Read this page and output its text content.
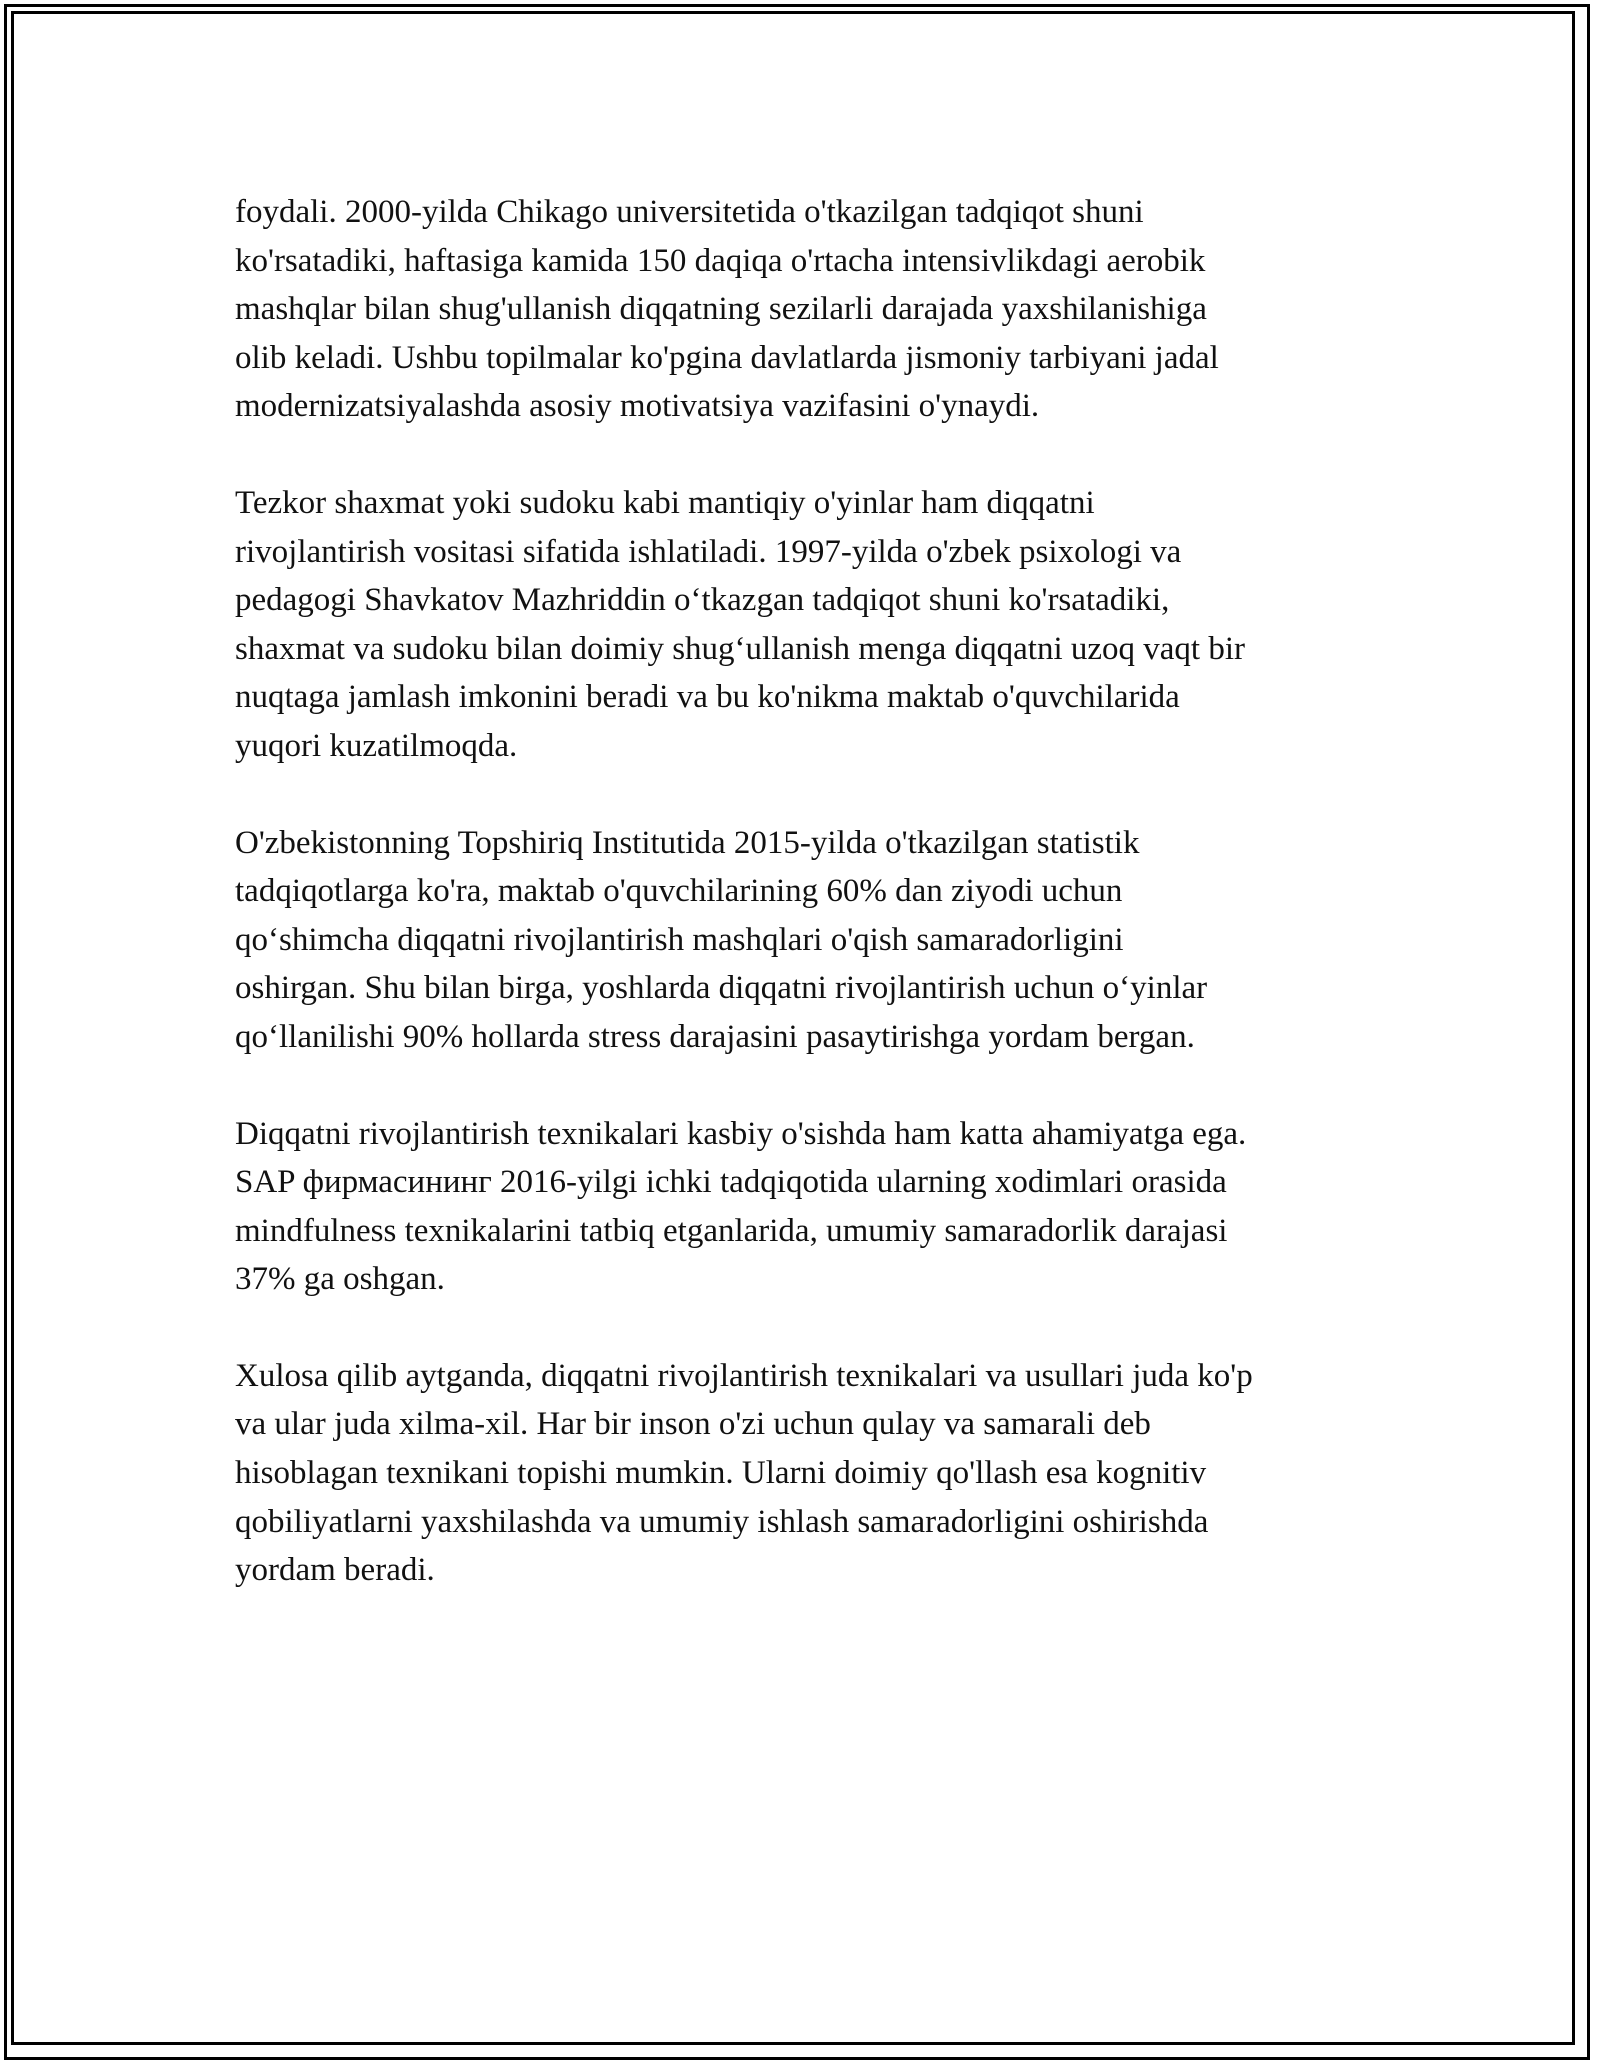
foydali. 2000-yilda Chikago universitetida o'tkazilgan tadqiqot shuni
ko'rsatadiki, haftasiga kamida 150 daqiqa o'rtacha intensivlikdagi aerobik
mashqlar bilan shug'ullanish diqqatning sezilarli darajada yaxshilanishiga
olib keladi. Ushbu topilmalar ko'pgina davlatlarda jismoniy tarbiyani jadal
modernizatsiyalashda asosiy motivatsiya vazifasini o'ynaydi.

Tezkor shaxmat yoki sudoku kabi mantiqiy o'yinlar ham diqqatni
rivojlantirish vositasi sifatida ishlatiladi. 1997-yilda o'zbek psixologi va
pedagogi Shavkatov Mazhriddin o‘tkazgan tadqiqot shuni ko'rsatadiki,
shaxmat va sudoku bilan doimiy shug‘ullanish menga diqqatni uzoq vaqt bir
nuqtaga jamlash imkonini beradi va bu ko'nikma maktab o'quvchilarida
yuqori kuzatilmoqda.

O'zbekistonning Topshiriq Institutida 2015-yilda o'tkazilgan statistik
tadqiqotlarga ko'ra, maktab o'quvchilarining 60% dan ziyodi uchun
qo‘shimcha diqqatni rivojlantirish mashqlari o'qish samaradorligini
oshirgan. Shu bilan birga, yoshlarda diqqatni rivojlantirish uchun o‘yinlar
qo‘llanilishi 90% hollarda stress darajasini pasaytirishga yordam bergan.

Diqqatni rivojlantirish texnikalari kasbiy o'sishda ham katta ahamiyatga ega.
SAP фирмасининг 2016-yilgi ichki tadqiqotida ularning xodimlari orasida
mindfulness texnikalarini tatbiq etganlarida, umumiy samaradorlik darajasi
37% ga oshgan.

Xulosa qilib aytganda, diqqatni rivojlantirish texnikalari va usullari juda ko'p
va ular juda xilma-xil. Har bir inson o'zi uchun qulay va samarali deb
hisoblagan texnikani topishi mumkin. Ularni doimiy qo'llash esa kognitiv
qobiliyatlarni yaxshilashda va umumiy ishlash samaradorligini oshirishda
yordam beradi.
